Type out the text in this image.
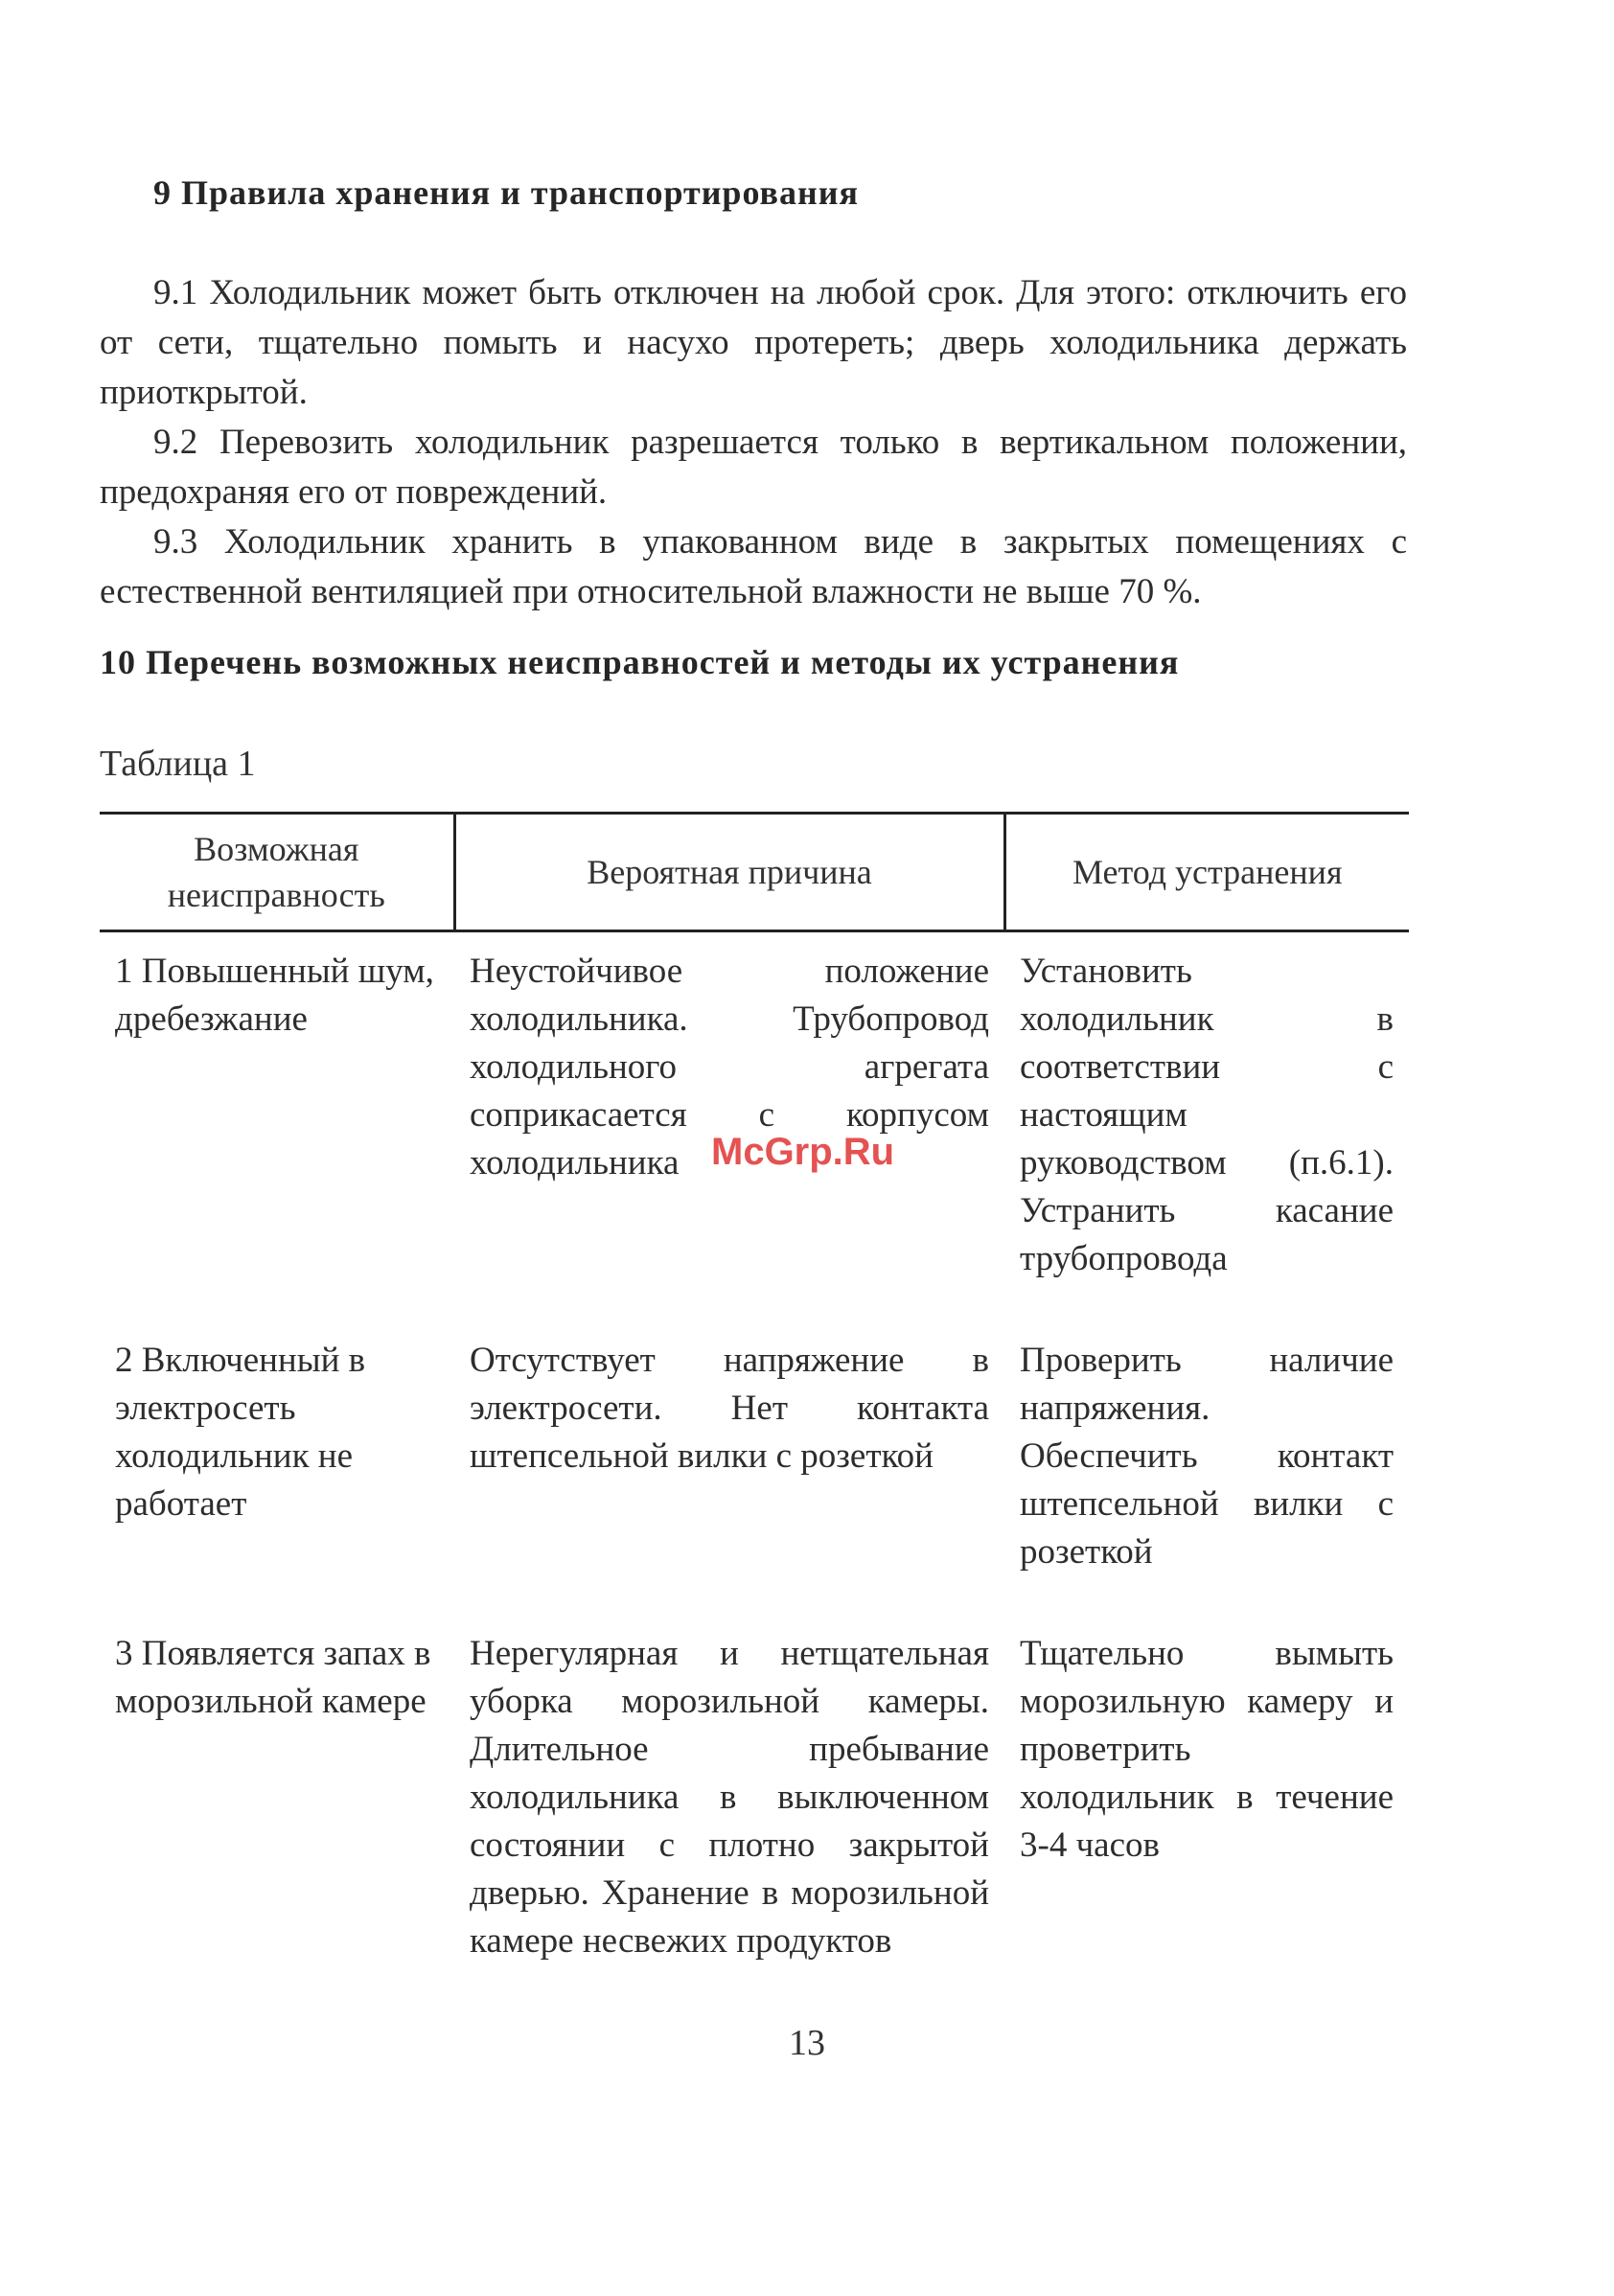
9 Правила хранения и транспортирования
9.1 Холодильник может быть отключен на любой срок. Для этого: отключить его от сети, тщательно помыть и насухо протереть; дверь холодильника держать приоткрытой.
9.2 Перевозить холодильник разрешается только в вертикальном положении, предохраняя его от повреждений.
9.3 Холодильник хранить в упакованном виде в закрытых помещениях с естественной вентиляцией при относительной влажности не выше 70 %.
10 Перечень возможных неисправностей и методы их устранения
Таблица 1
Возможная неисправность	Вероятная причина	Метод устранения
1 Повышенный шум, дребезжание	Неустойчивое положение холодильника. Трубопровод холодильного агрегата соприкасается с корпусом холодильника	Установить холодильник в соответствии с настоящим руководством (п.6.1). Устранить касание трубопровода
2 Включенный в электросеть холодильник не работает	Отсутствует напряжение в электросети. Нет контакта штепсельной вилки с розеткой	Проверить наличие напряжения. Обеспечить контакт штепсельной вилки с розеткой
3 Появляется запах в морозильной камере	Нерегулярная и нетщательная уборка морозильной камеры. Длительное пребывание холодильника в выключенном состоянии с плотно закрытой дверью. Хранение в морозильной камере несвежих продуктов	Тщательно вымыть морозильную камеру и проветрить холодильник в течение 3-4 часов
McGrp.Ru
13
